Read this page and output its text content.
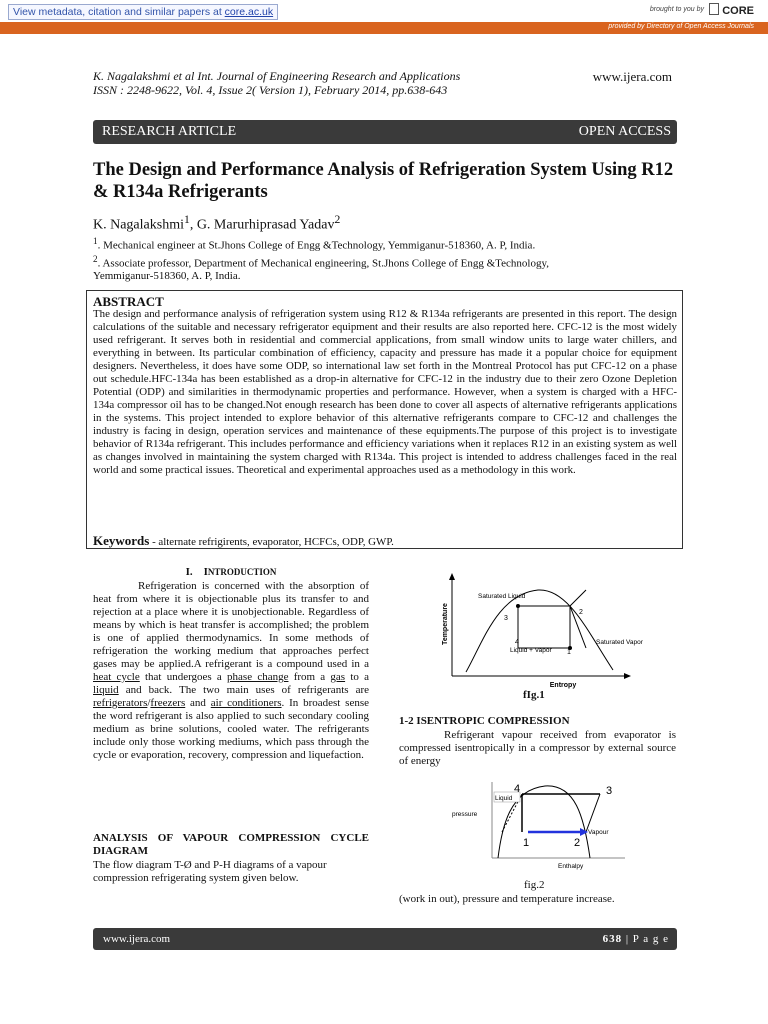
View metadata, citation and similar papers at core.ac.uk	brought to you by	CORE
provided by Directory of Open Access Journals
K. Nagalakshmi et al Int. Journal of Engineering Research and Applications
ISSN : 2248-9622, Vol. 4, Issue 2( Version 1), February 2014, pp.638-643
www.ijera.com
RESEARCH ARTICLE	OPEN ACCESS
The Design and Performance Analysis of Refrigeration System Using R12 & R134a Refrigerants
K. Nagalakshmi$^1$, G. Marurhiprasad Yadav$^2$

$^1$. Mechanical engineer at St.Jhons College of Engg &Technology, Yemmiganur-518360, A. P, India.

$^2$. Associate professor, Department of Mechanical engineering, St.Jhons College of Engg &Technology,

Yemmiganur-518360, A. P, India.

ABSTRACT
The design and performance analysis of refrigeration system using R12 & R134a refrigerants are presented in this report. The design calculations of the suitable and necessary refrigerator equipment and their results are also reported here. CFC-12 is the most widely used refrigerant. It serves both in residential and commercial applications, from small window units to large water chillers, and everything in between. Its particular combination of efficiency, capacity and pressure has made it a popular choice for equipment designers. Nevertheless, it does have some ODP, so international law set forth in the Montreal Protocol has put CFC-12 on a phase out schedule.HFC-134a has been established as a drop-in alternative for CFC-12 in the industry due to their zero Ozone Depletion Potential (ODP) and similarities in thermodynamic properties and performance. However, when a system is charged with a HFC-134a compressor oil has to be changed.Not enough research has been done to cover all aspects of alternative refrigerants applications in the systems. This project intended to explore behavior of this alternative refrigerants compare to CFC-12 and challenges the industry is facing in design, operation services and maintenance of these equipments.The purpose of this project is to investigate behavior of R134a refrigerant. This includes performance and efficiency variations when it replaces R12 in an existing system as well as changes involved in maintaining the system charged with R134a. This project is intended to address challenges faced in the real world and some practical issues. Theoretical and experimental approaches used as a methodology in this work.
Keywords - alternate refrigirents, evaporator, HCFCs, ODP, GWP.
I. INTRODUCTION

Refrigeration is concerned with the absorption of heat from where it is objectionable plus its transfer to and rejection at a place where it is unobjectionable. Regardless of means by which is heat transfer is accomplished; the problem is one of applied thermodynamics. In some methods of refrigeration the working medium that approaches perfect gases may be applied.A refrigerant is a compound used in a heat cycle that undergoes a phase change from a gas to a liquid and back. The two main uses of refrigerants are refrigerators/freezers and air conditioners. In broadest sense the word refrigerant is also applied to such secondary cooling medium as brine solutions, cooled water. The refrigerants include only those working mediums, which pass through the cycle or evaporation, recovery, compression and liquefaction.

ANALYSIS OF VAPOUR COMPRESSION CYCLE DIAGRAM
The flow diagram T-Ø and P-H diagrams of a vapour compression refrigerating system given below.
Temperature
Entropy
Saturated Liquid
Saturated Vapor
Liquid + Vapor 1
2
3
4
fIg.1
1-2 ISENTROPIC COMPRESSION

Refrigerant vapour received from evaporator is compressed isentropically in a compressor by external source of energy

Liquid
Vapour
pressure
Enthalpy
1	2
3
4
fig.2
(work in out), pressure and temperature increase.
www.ijera.com	638 | P a g e
